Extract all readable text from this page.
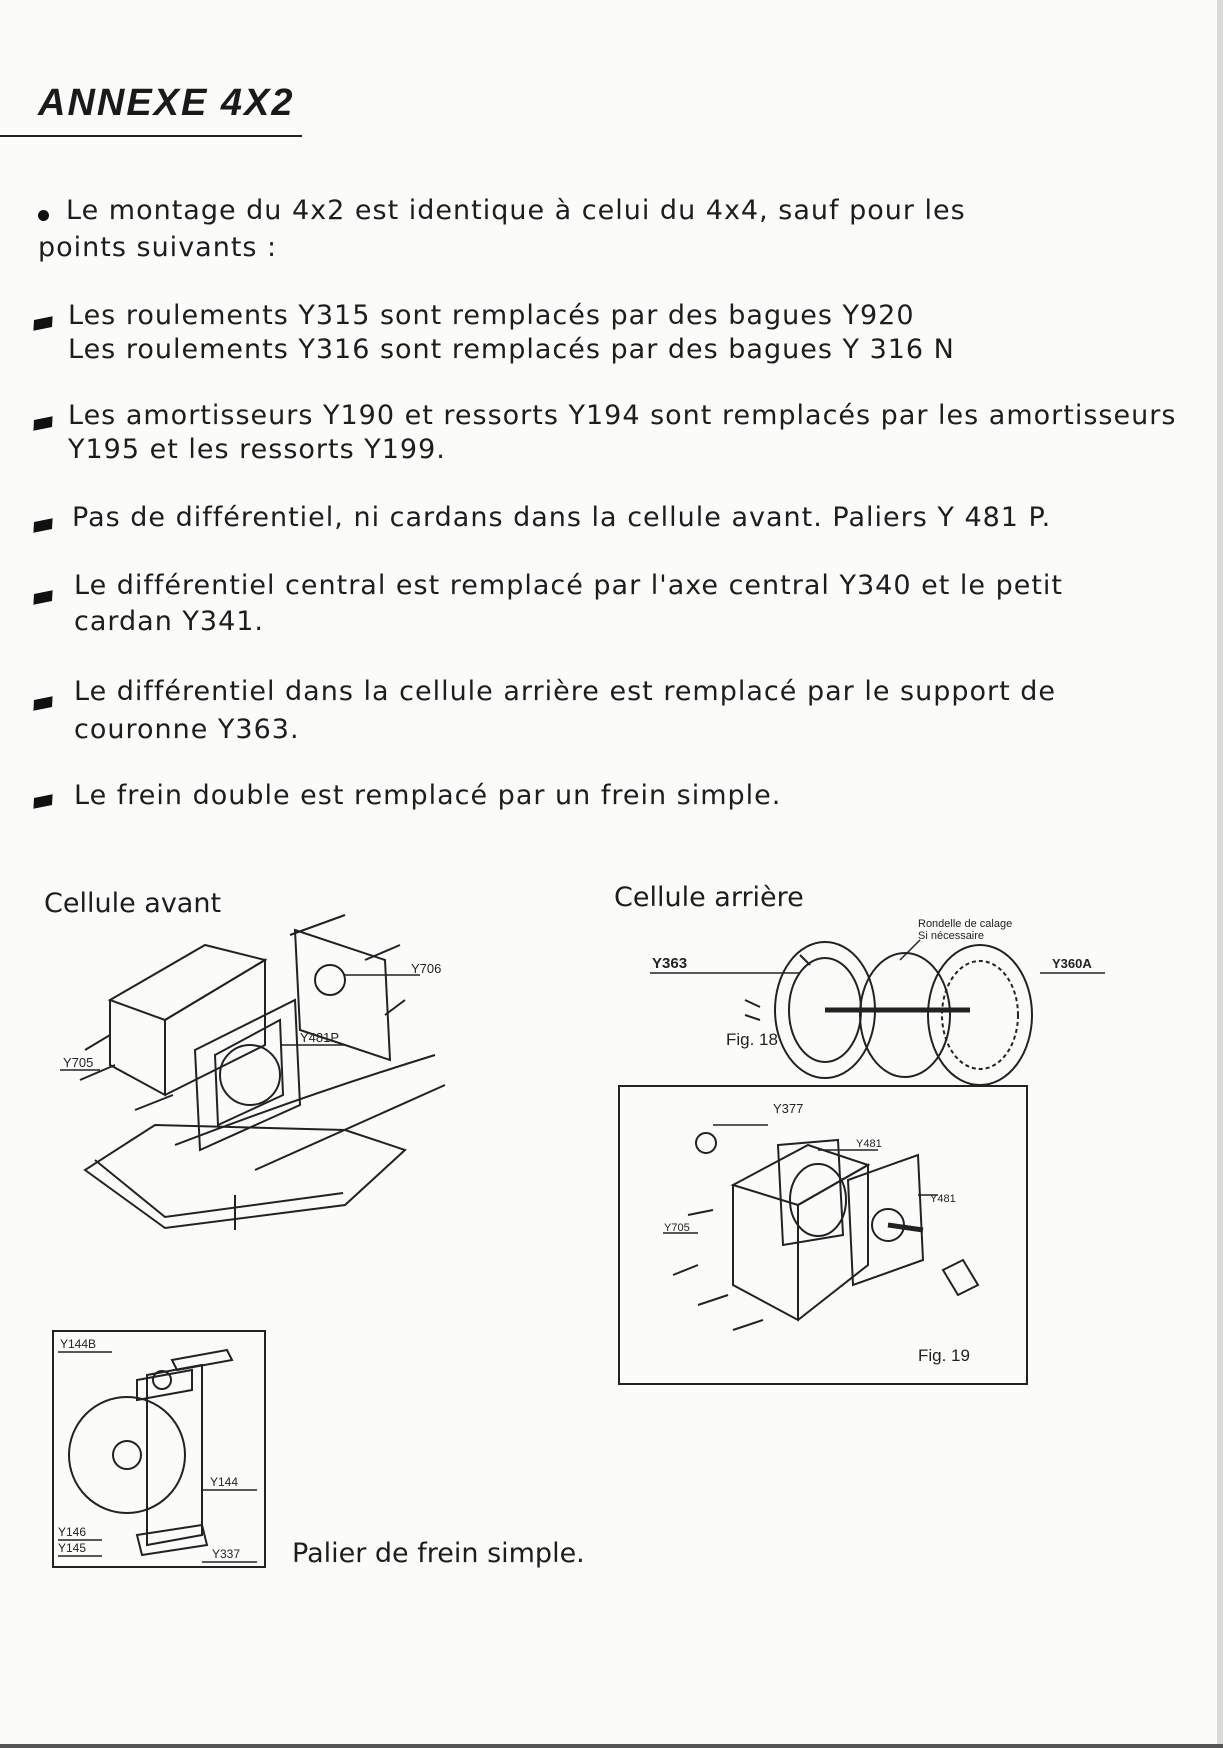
ANNEXE 4X2
Le montage du 4x2 est identique à celui du 4x4, sauf pour les
points suivants :
Les roulements Y315 sont remplacés par des bagues Y920
Les roulements Y316 sont remplacés par des bagues Y 316 N
Les amortisseurs Y190 et ressorts Y194 sont remplacés par les amortisseurs
Y195 et les ressorts Y199.
Pas de différentiel, ni cardans dans la cellule avant. Paliers Y 481 P.
Le différentiel central est remplacé par l'axe central Y340 et le petit
cardan Y341.
Le différentiel dans la cellule arrière est remplacé par le support de
couronne Y363.
Le frein double est remplacé par un frein simple.
Cellule avant	Cellule arrière
Y706
Y481P
Y705
Rondelle de calage
Si nécessaire
Y363	Y360A
Fig. 18
Y377
Y481
Y481
Y705
Fig. 19
Y144B
Y144
Y146
Y145	Y337 Palier de frein simple.
